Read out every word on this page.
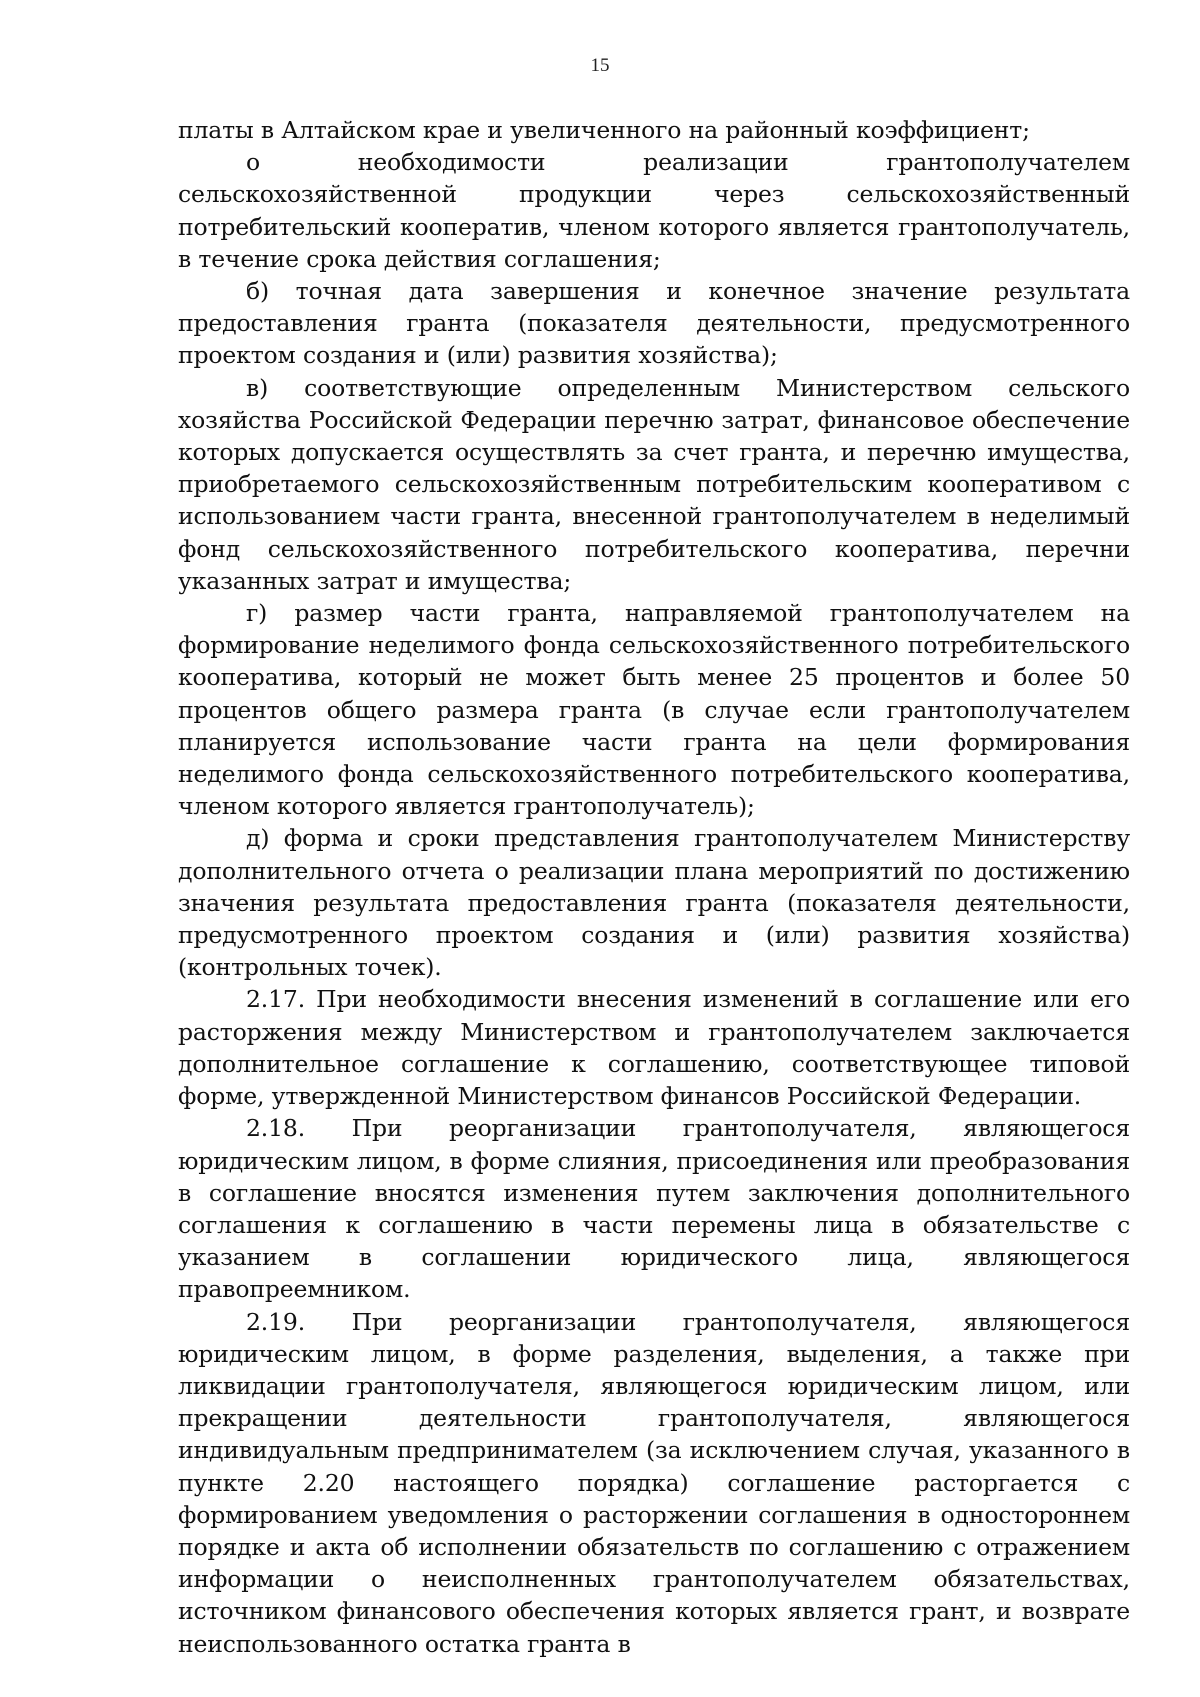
15

платы в Алтайском крае и увеличенного на районный коэффициент;

о необходимости реализации грантополучателем сельскохозяйственной продукции через сельскохозяйственный потребительский кооператив, членом которого является грантополучатель, в течение срока действия соглашения;

б) точная дата завершения и конечное значение результата предоставления гранта (показателя деятельности, предусмотренного проектом создания и (или) развития хозяйства);

в) соответствующие определенным Министерством сельского хозяйства Российской Федерации перечню затрат, финансовое обеспечение которых допускается осуществлять за счет гранта, и перечню имущества, приобретаемого сельскохозяйственным потребительским кооперативом с использованием части гранта, внесенной грантополучателем в неделимый фонд сельскохозяйственного потребительского кооператива, перечни указанных затрат и имущества;

г) размер части гранта, направляемой грантополучателем на формирование неделимого фонда сельскохозяйственного потребительского кооператива, который не может быть менее 25 процентов и более 50 процентов общего размера гранта (в случае если грантополучателем планируется использование части гранта на цели формирования неделимого фонда сельскохозяйственного потребительского кооператива, членом которого является грантополучатель);

д) форма и сроки представления грантополучателем Министерству дополнительного отчета о реализации плана мероприятий по достижению значения результата предоставления гранта (показателя деятельности, предусмотренного проектом создания и (или) развития хозяйства) (контрольных точек).

2.17. При необходимости внесения изменений в соглашение или его расторжения между Министерством и грантополучателем заключается дополнительное соглашение к соглашению, соответствующее типовой форме, утвержденной Министерством финансов Российской Федерации.

2.18. При реорганизации грантополучателя, являющегося юридическим лицом, в форме слияния, присоединения или преобразования в соглашение вносятся изменения путем заключения дополнительного соглашения к соглашению в части перемены лица в обязательстве с указанием в соглашении юридического лица, являющегося правопреемником.

2.19. При реорганизации грантополучателя, являющегося юридическим лицом, в форме разделения, выделения, а также при ликвидации грантополучателя, являющегося юридическим лицом, или прекращении деятельности грантополучателя, являющегося индивидуальным предпринимателем (за исключением случая, указанного в пункте 2.20 настоящего порядка) соглашение расторгается с формированием уведомления о расторжении соглашения в одностороннем порядке и акта об исполнении обязательств по соглашению с отражением информации о неисполненных грантополучателем обязательствах, источником финансового обеспечения которых является грант, и возврате неиспользованного остатка гранта в
